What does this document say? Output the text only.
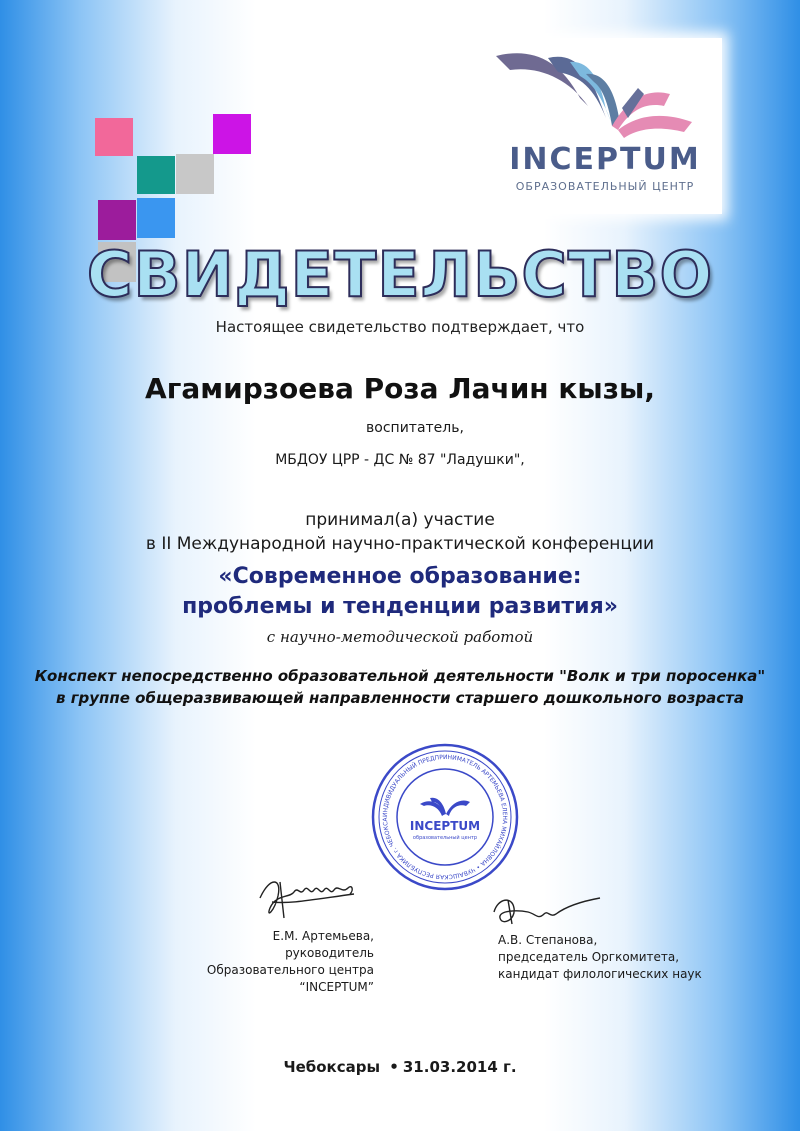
INCEPTUM
ОБРАЗОВАТЕЛЬНЫЙ ЦЕНТР
СВИДЕТЕЛЬСТВО
Настоящее свидетельство подтверждает, что
Агамирзоева Роза Лачин кызы,
воспитатель,
МБДОУ ЦРР - ДС № 87 "Ладушки",
принимал(а) участие
в II Международной научно-практической конференции
«Современное образование:
проблемы и тенденции развития»
с научно-методической работой
Конспект непосредственно образовательной деятельности "Волк и три поросенка"
в группе общеразвивающей направленности старшего дошкольного возраста
ИНДИВИДУАЛЬНЫЙ ПРЕДПРИНИМАТЕЛЬ АРТЕМЬЕВА ЕЛЕНА МИХАЙЛОВНА • ЧУВАШСКАЯ РЕСПУБЛИКА г. ЧЕБОКСА	INCEPTUM
образовательный центр
Е.М. Артемьева,
руководитель
Образовательного центра “INCEPTUM”
А.В. Степанова,
председатель Оргкомитета,
кандидат филологических наук
Чебоксары • 31.03.2014 г.
